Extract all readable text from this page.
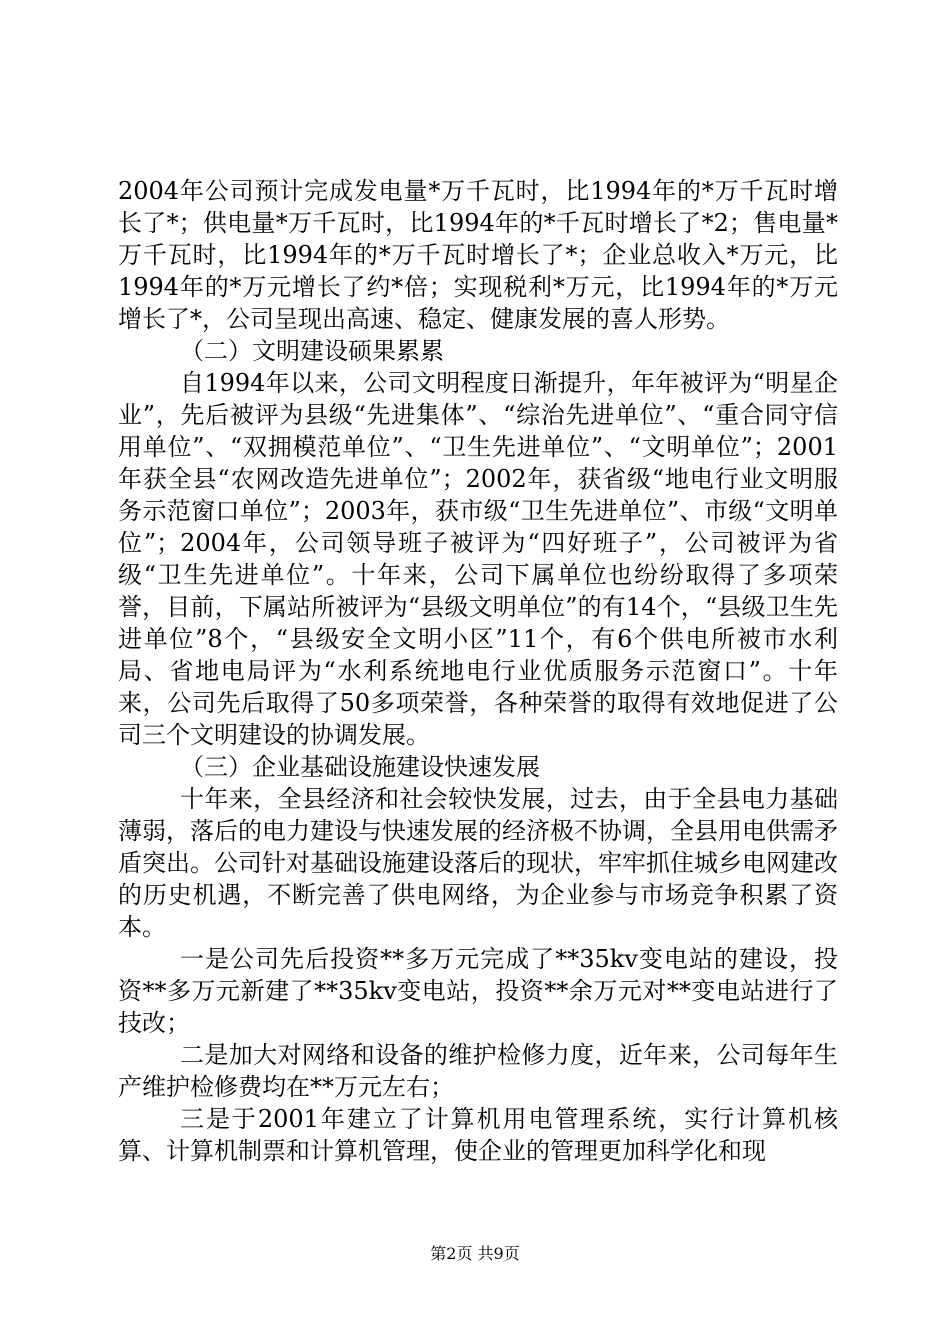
2004年公司预计完成发电量*万千瓦时，比1994年的*万千瓦时增长了*；供电量*万千瓦时，比1994年的*千瓦时增长了*2；售电量*万千瓦时，比1994年的*万千瓦时增长了*；企业总收入*万元，比1994年的*万元增长了约*倍；实现税利*万元，比1994年的*万元增长了*，公司呈现出高速、稳定、健康发展的喜人形势。

（二）文明建设硕果累累

自1994年以来，公司文明程度日渐提升，年年被评为“明星企业”，先后被评为县级“先进集体”、“综治先进单位”、“重合同守信用单位”、“双拥模范单位”、“卫生先进单位”、“文明单位”；2001年获全县“农网改造先进单位”；2002年，获省级“地电行业文明服务示范窗口单位”；2003年，获市级“卫生先进单位”、市级“文明单位”；2004年，公司领导班子被评为“四好班子”，公司被评为省级“卫生先进单位”。十年来，公司下属单位也纷纷取得了多项荣誉，目前，下属站所被评为“县级文明单位”的有14个，“县级卫生先进单位”8个，“县级安全文明小区”11个，有6个供电所被市水利局、省地电局评为“水利系统地电行业优质服务示范窗口”。十年来，公司先后取得了50多项荣誉，各种荣誉的取得有效地促进了公司三个文明建设的协调发展。

（三）企业基础设施建设快速发展

十年来，全县经济和社会较快发展，过去，由于全县电力基础薄弱，落后的电力建设与快速发展的经济极不协调，全县用电供需矛盾突出。公司针对基础设施建设落后的现状，牢牢抓住城乡电网建改的历史机遇，不断完善了供电网络，为企业参与市场竞争积累了资本。

一是公司先后投资**多万元完成了**35kv变电站的建设，投资**多万元新建了**35kv变电站，投资**余万元对**变电站进行了技改；

二是加大对网络和设备的维护检修力度，近年来，公司每年生产维护检修费均在**万元左右；

三是于2001年建立了计算机用电管理系统，实行计算机核算、计算机制票和计算机管理，使企业的管理更加科学化和现

第2页 共9页
